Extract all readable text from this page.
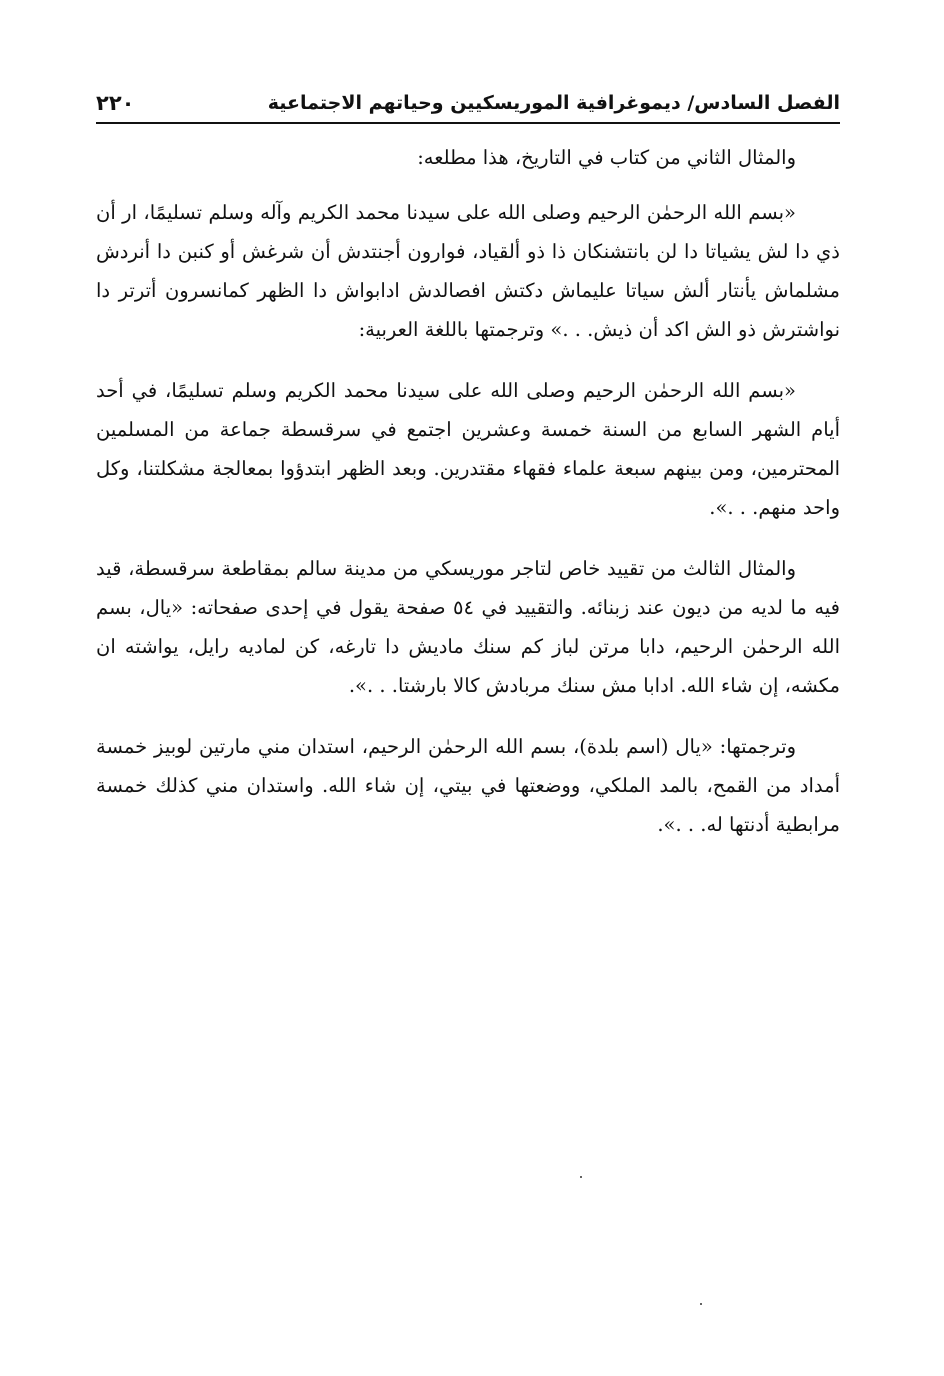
الفصل السادس/ ديموغرافية الموريسكيين وحياتهم الاجتماعية
٢٢٠

والمثال الثاني من كتاب في التاريخ، هذا مطلعه:

«بسم الله الرحمٰن الرحيم وصلى الله على سيدنا محمد الكريم وآله وسلم تسليمًا، ار أن ذي دا لش يشياتا دا لن بانتشنكان ذا ذو ألقياد، فوارون أجنتدش أن شرغش أو كنبن دا أنردش مشلماش يأنتار ألش سياتا عليماش دكتش افصالدش ادابواش دا الظهر كمانسرون أترتر دا نواشترش ذو الش اكد أن ذيش. . .» وترجمتها باللغة العربية:

«بسم الله الرحمٰن الرحيم وصلى الله على سيدنا محمد الكريم وسلم تسليمًا، في أحد أيام الشهر السابع من السنة خمسة وعشرين اجتمع في سرقسطة جماعة من المسلمين المحترمين، ومن بينهم سبعة علماء فقهاء مقتدرين. وبعد الظهر ابتدؤوا بمعالجة مشكلتنا، وكل واحد منهم. . .».

والمثال الثالث من تقييد خاص لتاجر موريسكي من مدينة سالم بمقاطعة سرقسطة، قيد فيه ما لديه من ديون عند زبنائه. والتقييد في ٥٤ صفحة يقول في إحدى صفحاته: «يال، بسم الله الرحمٰن الرحيم، دابا مرتن لباز كم سنك ماديش دا تارغه، كن لماديه رايل، يواشته ان مكشه، إن شاء الله. ادابا مش سنك مربادش كالا بارشتا. . .».

وترجمتها: «يال (اسم بلدة)، بسم الله الرحمٰن الرحيم، استدان مني مارتين لوبيز خمسة أمداد من القمح، بالمد الملكي، ووضعتها في بيتي، إن شاء الله. واستدان مني كذلك خمسة مرابطية أدنتها له. . .».
